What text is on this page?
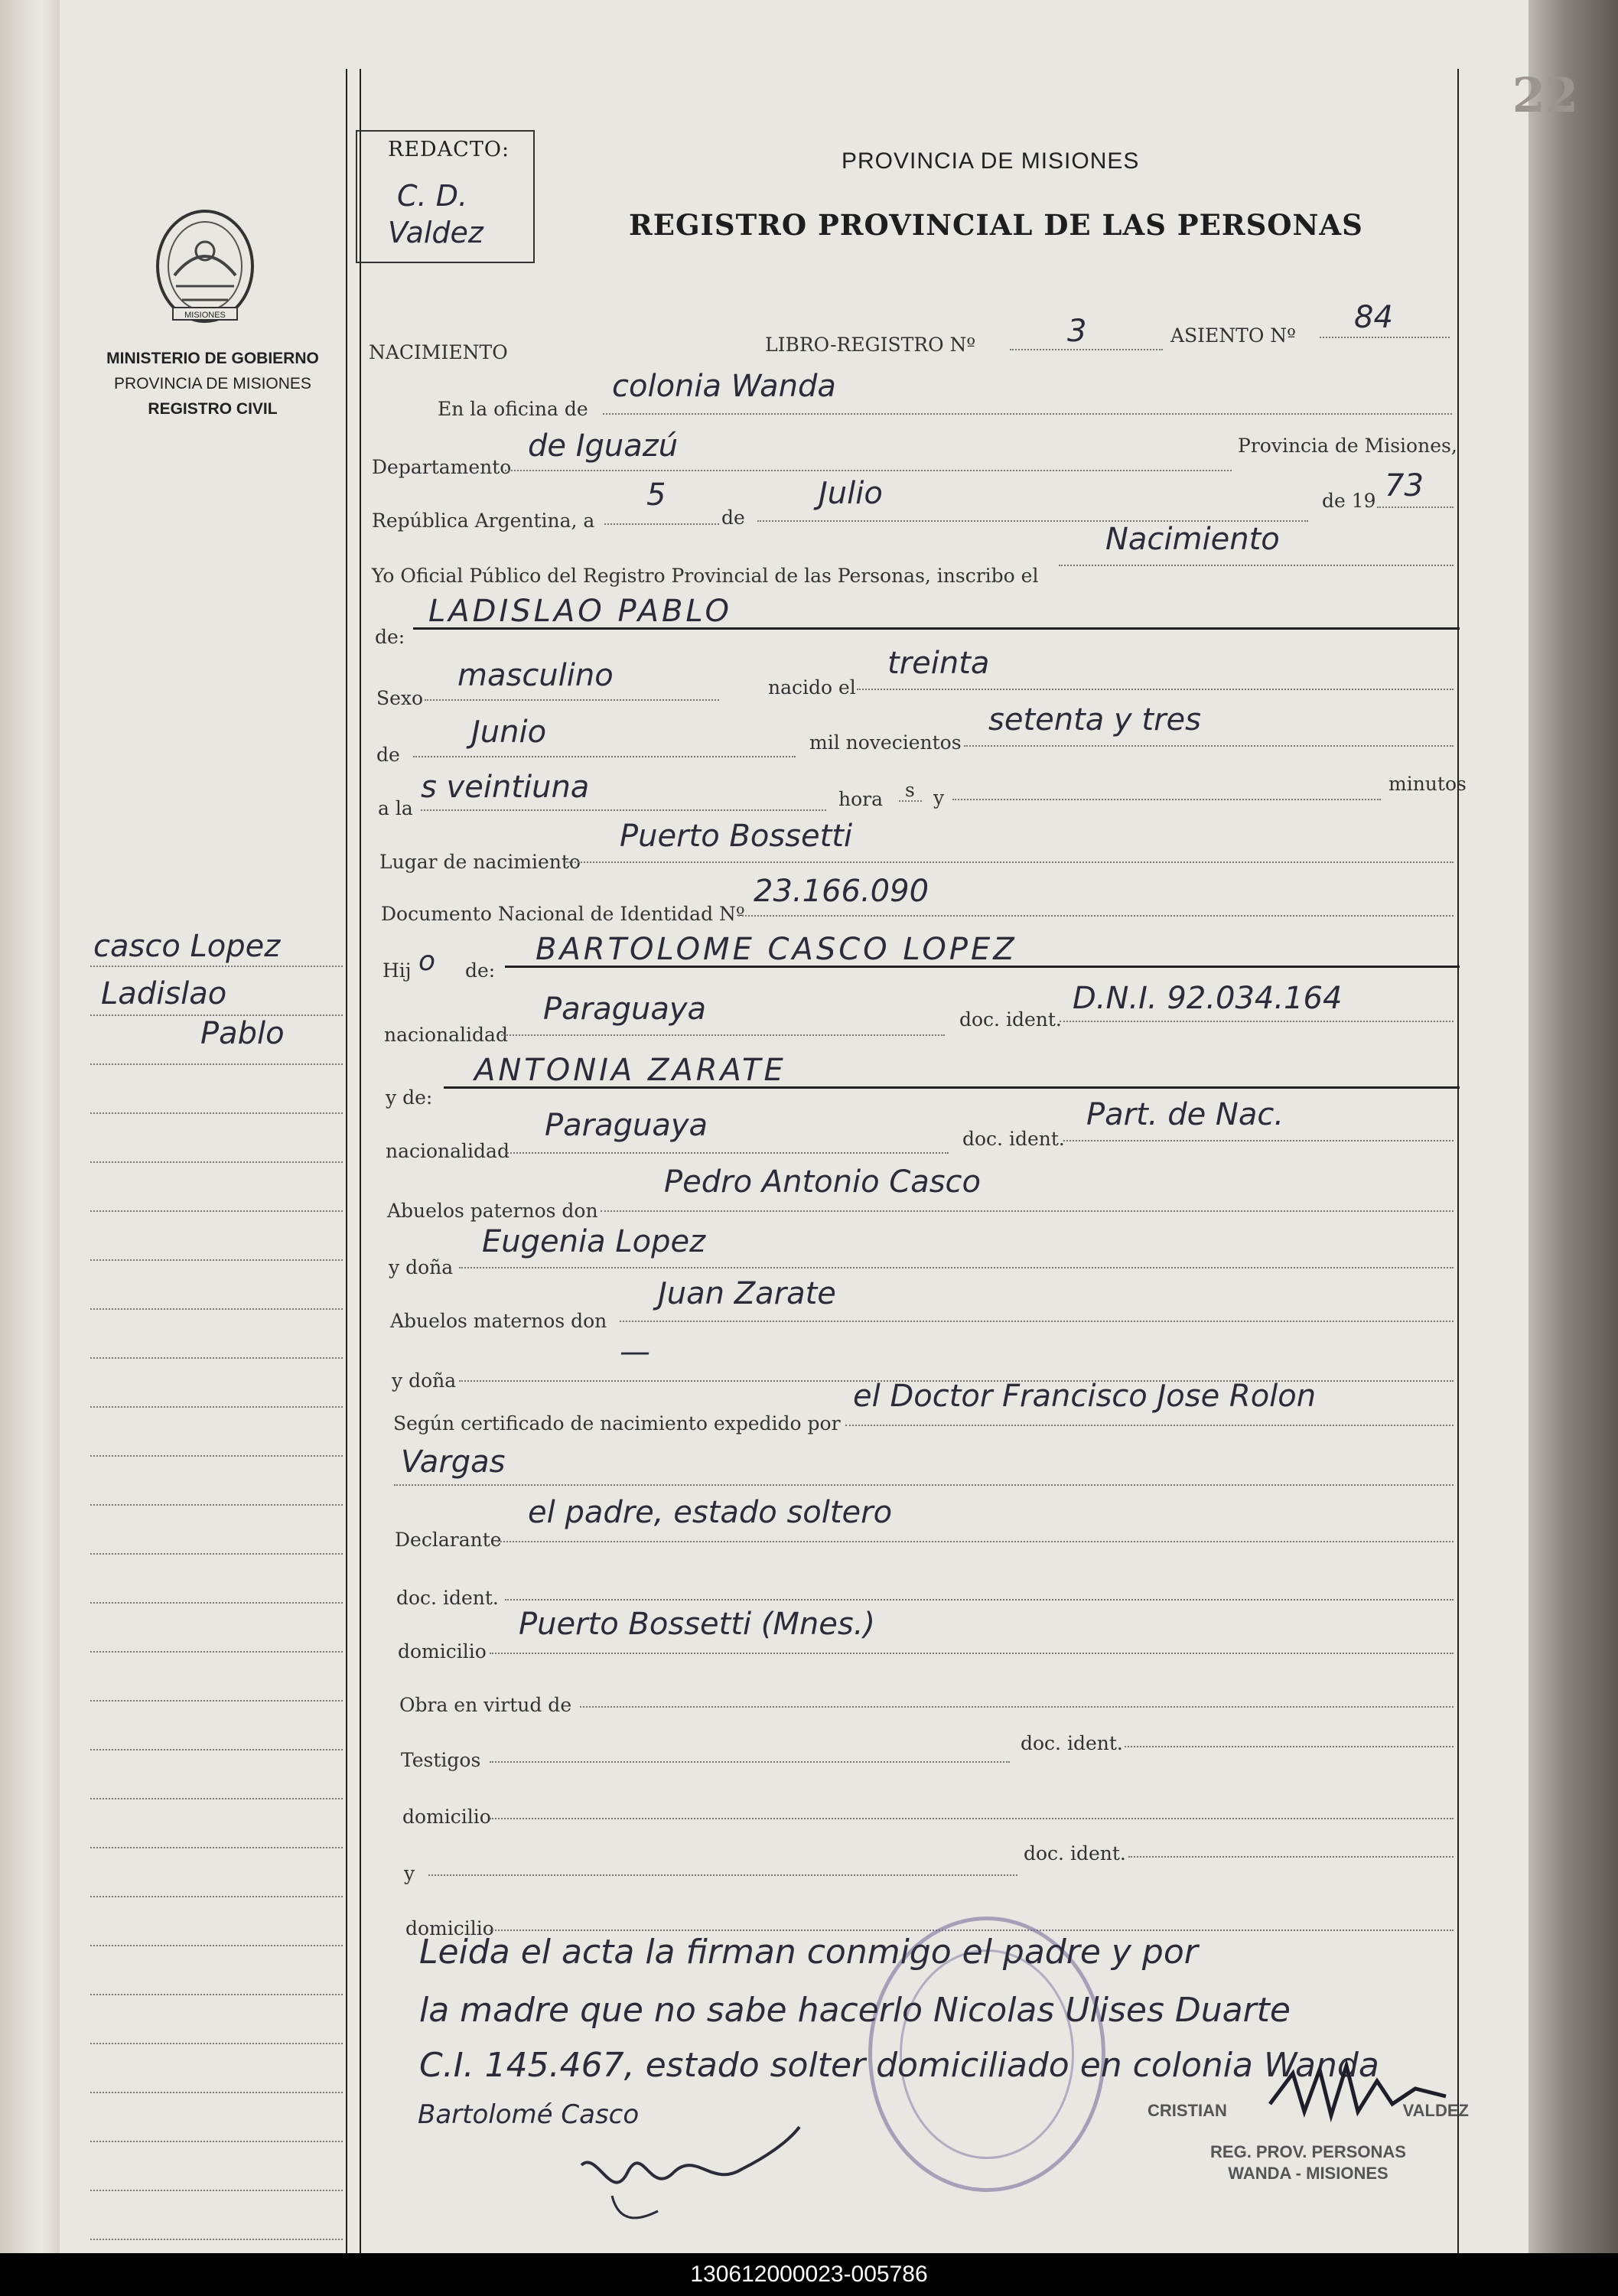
22
REDACTO:
C. D.
Valdez
PROVINCIA DE MISIONES
REGISTRO PROVINCIAL DE LAS PERSONAS
MISIONES
MINISTERIO DE GOBIERNO
PROVINCIA DE MISIONES
REGISTRO CIVIL
casco Lopez
Ladislao
Pablo
NACIMIENTO	LIBRO-REGISTRO Nº	3	ASIENTO Nº
84
En la oficina de
colonia Wanda
Departamento
de Iguazú	Provincia de Misiones,
República Argentina, a
5
de
Julio	de 19 73
Yo Oficial Público del Registro Provincial de las Personas, inscribo el
Nacimiento
de:
LADISLAO PABLO
Sexo
masculino	nacido el
treinta
de
Junio	mil novecientos
setenta y tres
a la
s veintiuna	hora s y
minutos
Lugar de nacimiento
Puerto Bossetti
Documento Nacional de Identidad Nº
23.166.090
Hij o de:
BARTOLOME CASCO LOPEZ
nacionalidad
Paraguaya	doc. ident.
D.N.I. 92.034.164
y de:
ANTONIA ZARATE
nacionalidad
Paraguaya	doc. ident.
Part. de Nac.
Abuelos paternos don
Pedro Antonio Casco
y doña
Eugenia Lopez
Abuelos maternos don
Juan Zarate
y doña
—
Según certificado de nacimiento expedido por
el Doctor Francisco Jose Rolon
Vargas
Declarante
el padre, estado soltero
doc. ident.
domicilio
Puerto Bossetti (Mnes.)
Obra en virtud de
Testigos
doc. ident.
domicilio
y
doc. ident.
domicilio
Leida el acta la firman conmigo el padre y por
la madre que no sabe hacerlo Nicolas Ulises Duarte
C.I. 145.467, estado solter domiciliado en colonia Wanda
Bartolomé Casco	CRISTIAN	VALDEZ
REG. PROV. PERSONAS
WANDA - MISIONES
130612000023-005786
